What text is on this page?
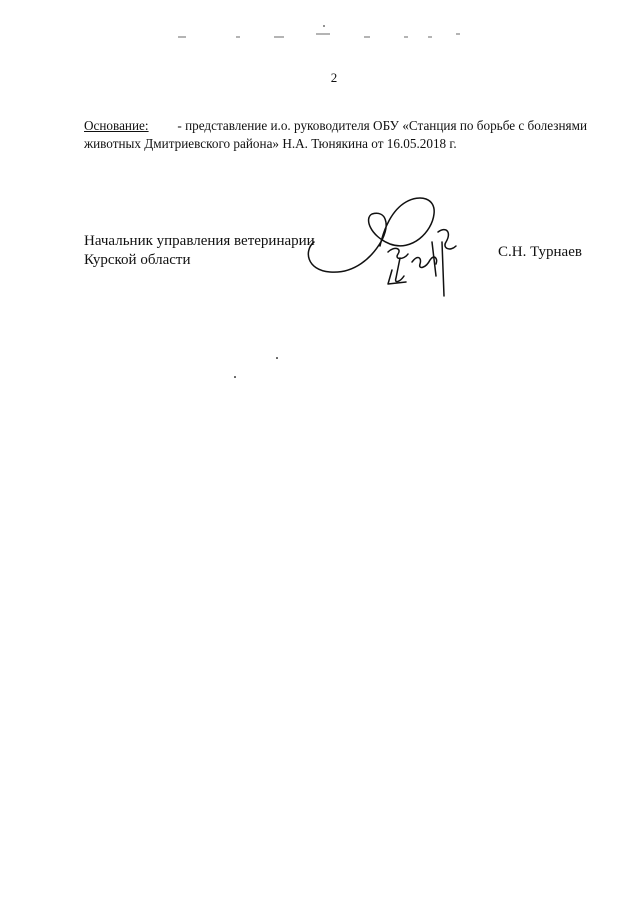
2
Основание: - представление и.о. руководителя ОБУ «Станция по борьбе с болезнями
животных Дмитриевского района» Н.А. Тюнякина от 16.05.2018 г.
Начальник управления ветеринарии
Курской области	С.Н. Турнаев
